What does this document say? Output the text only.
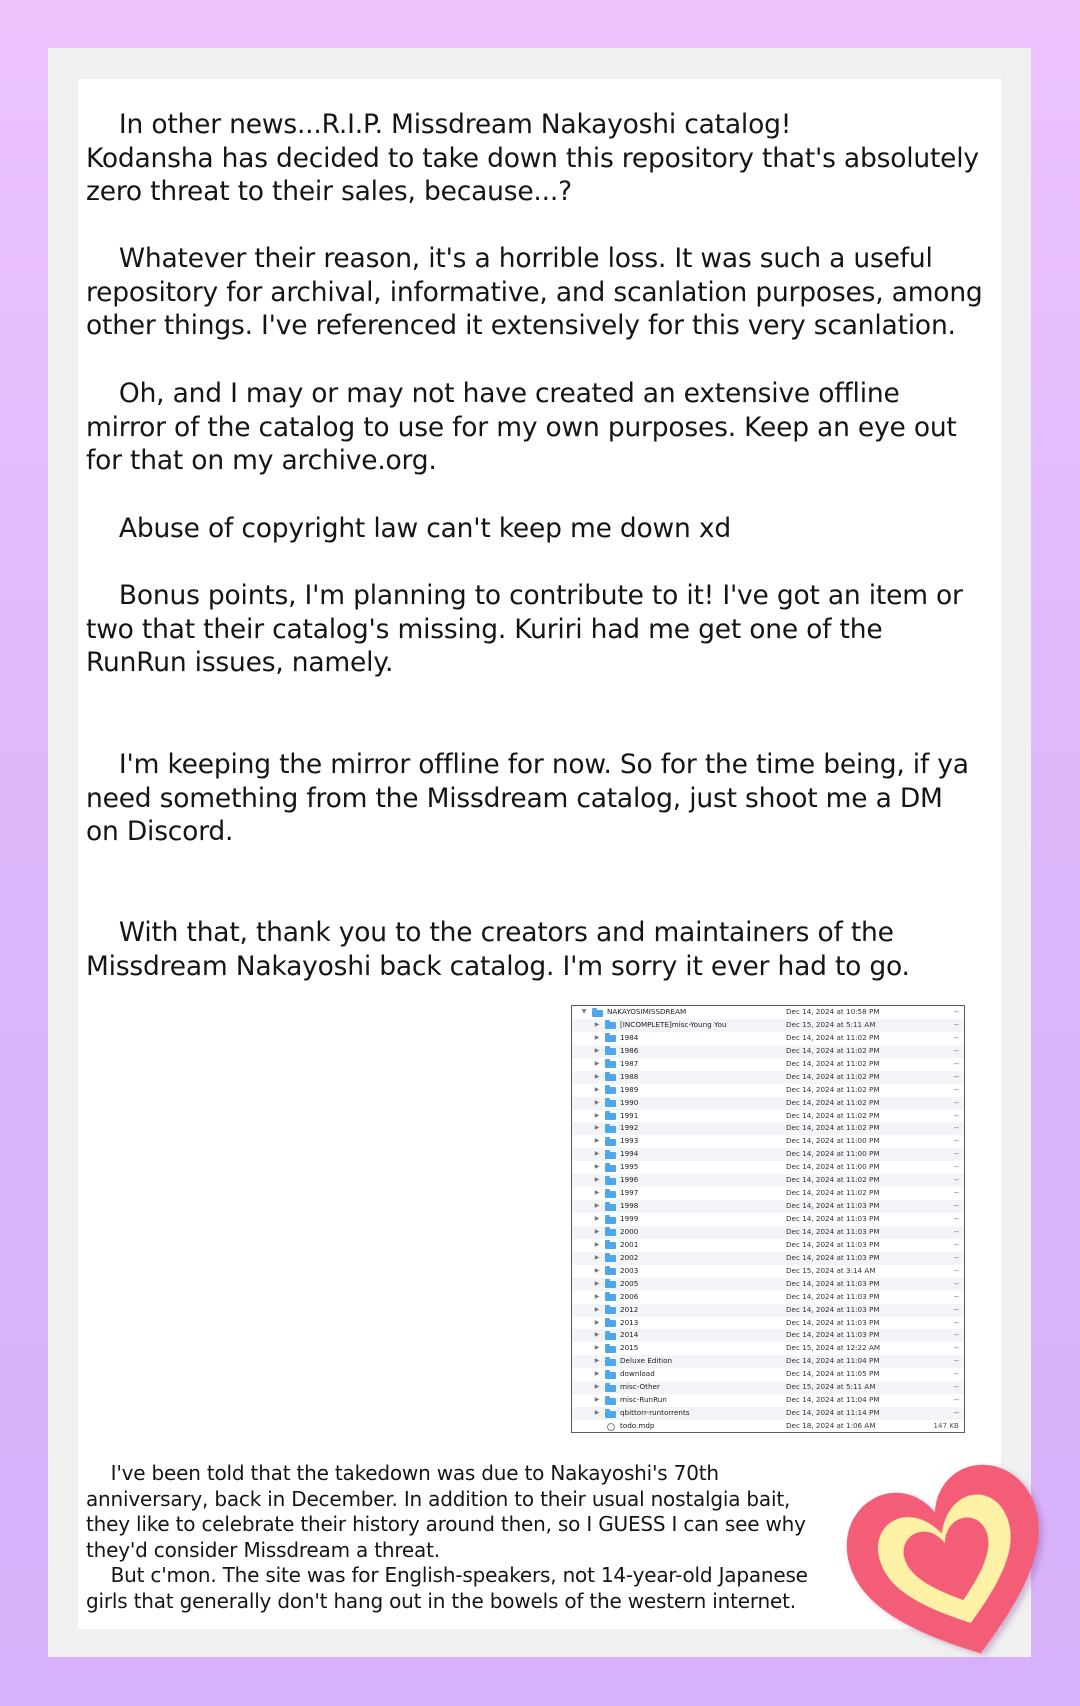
In other news...R.I.P. Missdream Nakayoshi catalog!
Kodansha has decided to take down this repository that's absolutely
zero threat to their sales, because...?

Whatever their reason, it's a horrible loss. It was such a useful
repository for archival, informative, and scanlation purposes, among
other things. I've referenced it extensively for this very scanlation.

Oh, and I may or may not have created an extensive offline
mirror of the catalog to use for my own purposes. Keep an eye out
for that on my archive.org.

Abuse of copyright law can't keep me down xd

Bonus points, I'm planning to contribute to it! I've got an item or
two that their catalog's missing. Kuriri had me get one of the
RunRun issues, namely.

I'm keeping the mirror offline for now. So for the time being, if ya
need something from the Missdream catalog, just shoot me a DM
on Discord.

With that, thank you to the creators and maintainers of the
Missdream Nakayoshi back catalog. I'm sorry it ever had to go.

▼	NAKAYOSIMISSDREAM	Dec 14, 2024 at 10:58 PM	--
▶	[INCOMPLETE]misc-Young You	Dec 15, 2024 at 5:11 AM	--
▶	1984	Dec 14, 2024 at 11:02 PM	--
▶	1986	Dec 14, 2024 at 11:02 PM	--
▶	1987	Dec 14, 2024 at 11:02 PM	--
▶	1988	Dec 14, 2024 at 11:02 PM	--
▶	1989	Dec 14, 2024 at 11:02 PM	--
▶	1990	Dec 14, 2024 at 11:02 PM	--
▶	1991	Dec 14, 2024 at 11:02 PM	--
▶	1992	Dec 14, 2024 at 11:02 PM	--
▶	1993	Dec 14, 2024 at 11:00 PM	--
▶	1994	Dec 14, 2024 at 11:00 PM	--
▶	1995	Dec 14, 2024 at 11:00 PM	--
▶	1996	Dec 14, 2024 at 11:02 PM	--
▶	1997	Dec 14, 2024 at 11:02 PM	--
▶	1998	Dec 14, 2024 at 11:03 PM	--
▶	1999	Dec 14, 2024 at 11:03 PM	--
▶	2000	Dec 14, 2024 at 11:03 PM	--
▶	2001	Dec 14, 2024 at 11:03 PM	--
▶	2002	Dec 14, 2024 at 11:03 PM	--
▶	2003	Dec 15, 2024 at 3:14 AM	--
▶	2005	Dec 14, 2024 at 11:03 PM	--
▶	2006	Dec 14, 2024 at 11:03 PM	--
▶	2012	Dec 14, 2024 at 11:03 PM	--
▶	2013	Dec 14, 2024 at 11:03 PM	--
▶	2014	Dec 14, 2024 at 11:03 PM	--
▶	2015	Dec 15, 2024 at 12:22 AM	--
▶	Deluxe Edition	Dec 14, 2024 at 11:04 PM	--
▶	download	Dec 14, 2024 at 11:05 PM	--
▶	misc-Other	Dec 15, 2024 at 5:11 AM	--
▶	misc-RunRun	Dec 14, 2024 at 11:04 PM	--
▶	qbittorr-runtorrents	Dec 14, 2024 at 11:14 PM	--
todo.mdp	Dec 18, 2024 at 1:06 AM	147 KB

I've been told that the takedown was due to Nakayoshi's 70th
anniversary, back in December. In addition to their usual nostalgia bait,
they like to celebrate their history around then, so I GUESS I can see why
they'd consider Missdream a threat.
But c'mon. The site was for English-speakers, not 14-year-old Japanese
girls that generally don't hang out in the bowels of the western internet.
